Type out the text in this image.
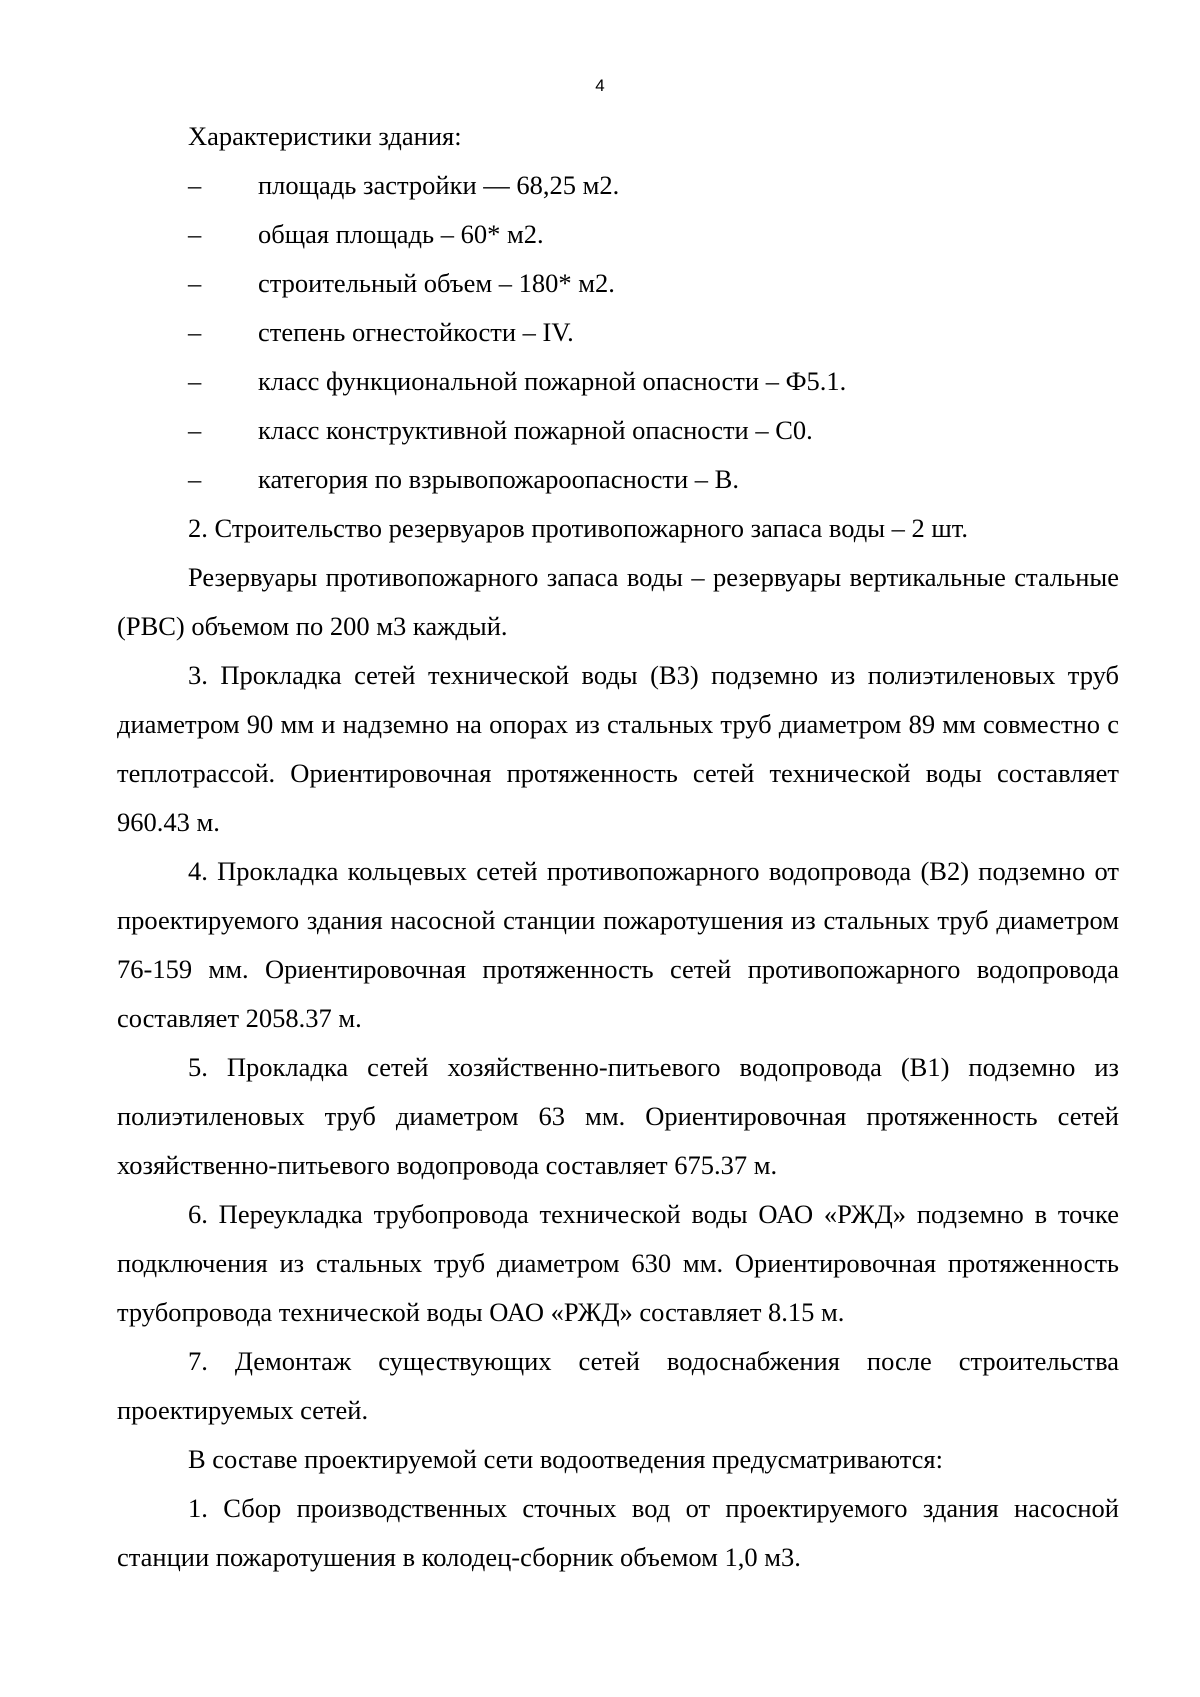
4

Характеристики здания:

– площадь застройки — 68,25 м2.
– общая площадь – 60* м2.
– строительный объем – 180* м2.
– степень огнестойкости – IV.
– класс функциональной пожарной опасности – Ф5.1.
– класс конструктивной пожарной опасности – С0.
– категория по взрывопожароопасности – В.

2. Строительство резервуаров противопожарного запаса воды – 2 шт.

Резервуары противопожарного запаса воды – резервуары вертикальные стальные (РВС) объемом по 200 м3 каждый.

3. Прокладка сетей технической воды (В3) подземно из полиэтиленовых труб диаметром 90 мм и надземно на опорах из стальных труб диаметром 89 мм совместно с теплотрассой. Ориентировочная протяженность сетей технической воды составляет 960.43 м.

4. Прокладка кольцевых сетей противопожарного водопровода (В2) подземно от проектируемого здания насосной станции пожаротушения из стальных труб диаметром 76-159 мм. Ориентировочная протяженность сетей противопожарного водопровода составляет 2058.37 м.

5. Прокладка сетей хозяйственно-питьевого водопровода (В1) подземно из полиэтиленовых труб диаметром 63 мм. Ориентировочная протяженность сетей хозяйственно-питьевого водопровода составляет 675.37 м.

6. Переукладка трубопровода технической воды ОАО «РЖД» подземно в точке подключения из стальных труб диаметром 630 мм. Ориентировочная протяженность трубопровода технической воды ОАО «РЖД» составляет 8.15 м.

7. Демонтаж существующих сетей водоснабжения после строительства проектируемых сетей.

В составе проектируемой сети водоотведения предусматриваются:

1. Сбор производственных сточных вод от проектируемого здания насосной станции пожаротушения в колодец-сборник объемом 1,0 м3.
